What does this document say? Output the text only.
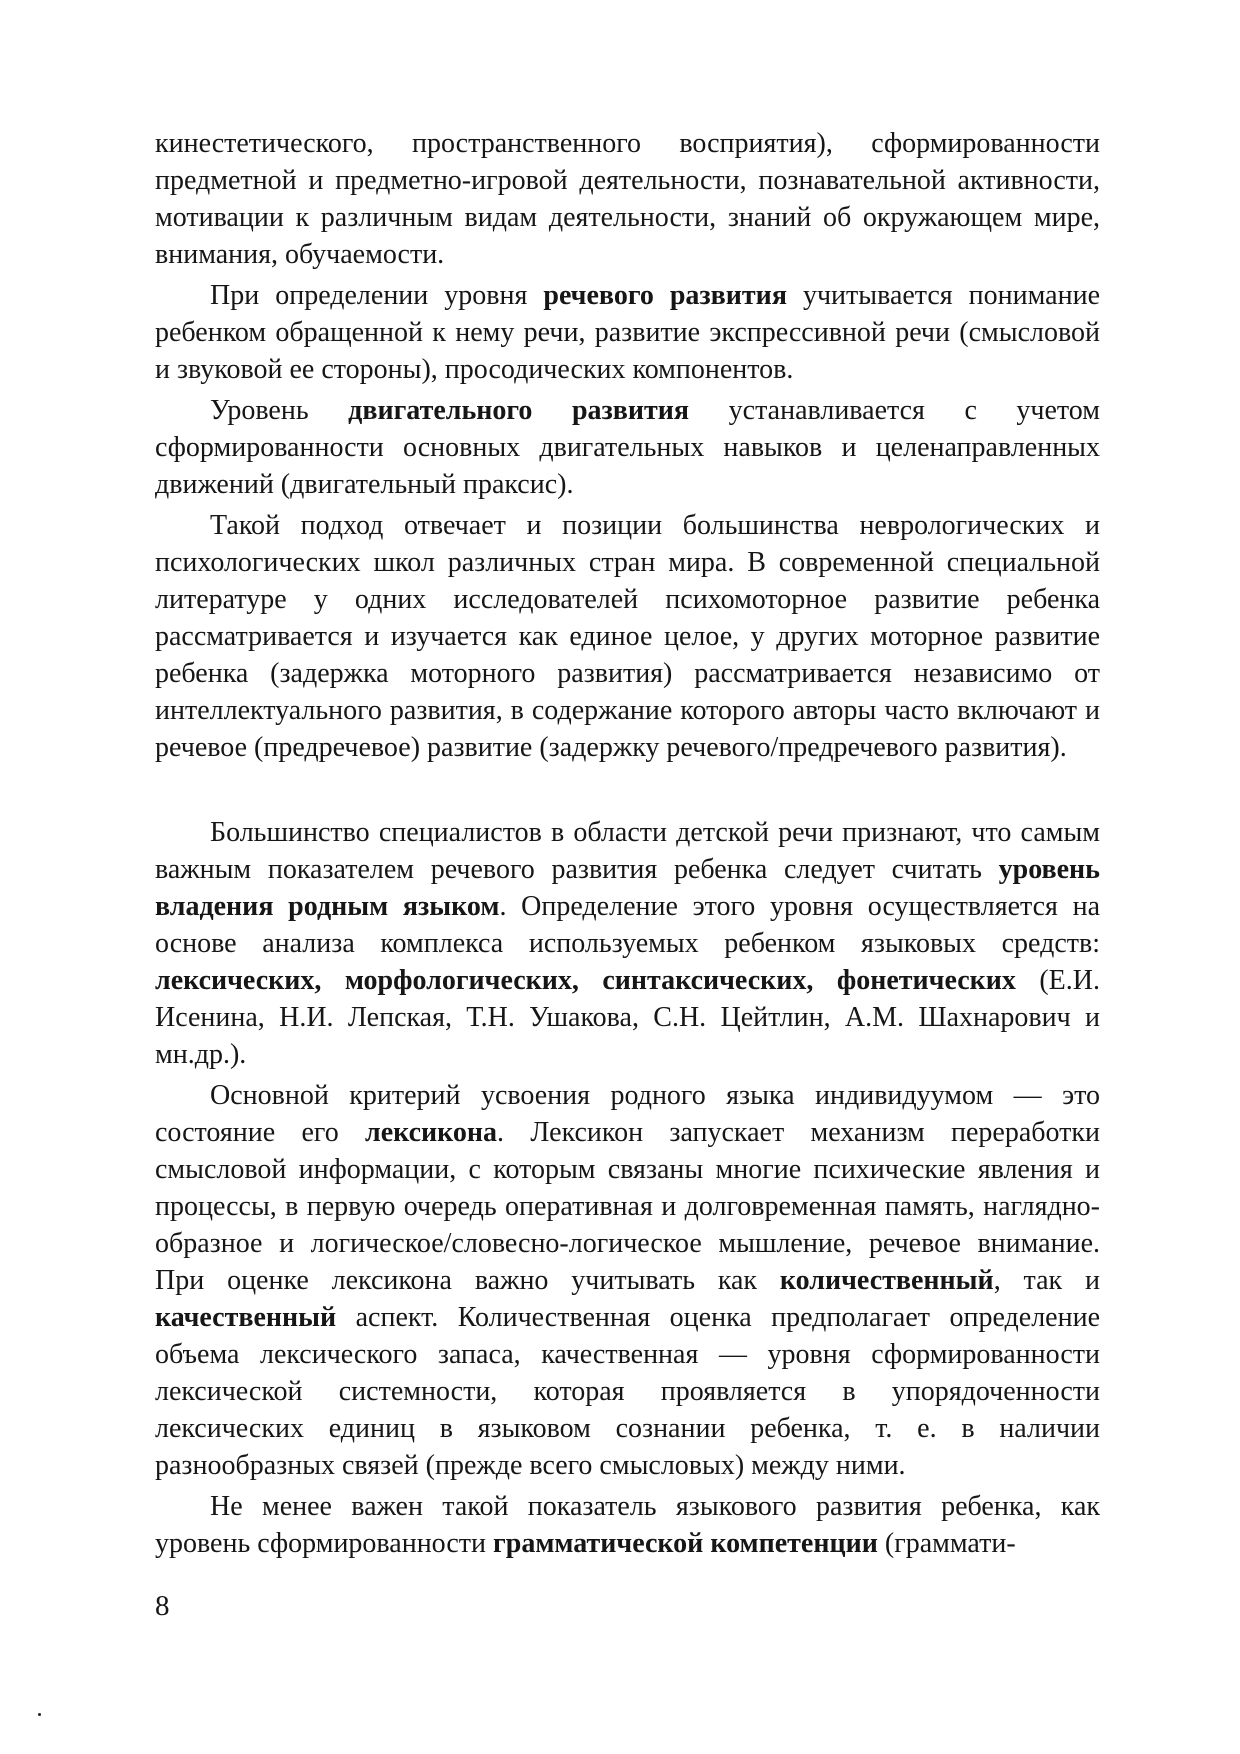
кинестетического, пространственного восприятия), сформированности предметной и предметно-игровой деятельности, познавательной активности, мотивации к различным видам деятельности, знаний об окружающем мире, внимания, обучаемости.

При определении уровня речевого развития учитывается понимание ребенком обращенной к нему речи, развитие экспрессивной речи (смысловой и звуковой ее стороны), просодических компонентов.

Уровень двигательного развития устанавливается с учетом сформированности основных двигательных навыков и целенаправленных движений (двигательный праксис).

Такой подход отвечает и позиции большинства неврологических и психологических школ различных стран мира. В современной специальной литературе у одних исследователей психомоторное развитие ребенка рассматривается и изучается как единое целое, у других моторное развитие ребенка (задержка моторного развития) рассматривается независимо от интеллектуального развития, в содержание которого авторы часто включают и речевое (предречевое) развитие (задержку речевого/предречевого развития).

Большинство специалистов в области детской речи признают, что самым важным показателем речевого развития ребенка следует считать уровень владения родным языком. Определение этого уровня осуществляется на основе анализа комплекса используемых ребенком языковых средств: лексических, морфологических, синтаксических, фонетических (Е.И. Исенина, Н.И. Лепская, Т.Н. Ушакова, С.Н. Цейтлин, А.М. Шахнарович и мн.др.).

Основной критерий усвоения родного языка индивидуумом — это состояние его лексикона. Лексикон запускает механизм переработки смысловой информации, с которым связаны многие психические явления и процессы, в первую очередь оперативная и долговременная память, наглядно-образное и логическое/словесно-логическое мышление, речевое внимание. При оценке лексикона важно учитывать как количественный, так и качественный аспект. Количественная оценка предполагает определение объема лексического запаса, качественная — уровня сформированности лексической системности, которая проявляется в упорядоченности лексических единиц в языковом сознании ребенка, т. е. в наличии разнообразных связей (прежде всего смысловых) между ними.

Не менее важен такой показатель языкового развития ребенка, как уровень сформированности грамматической компетенции (граммати-

8
